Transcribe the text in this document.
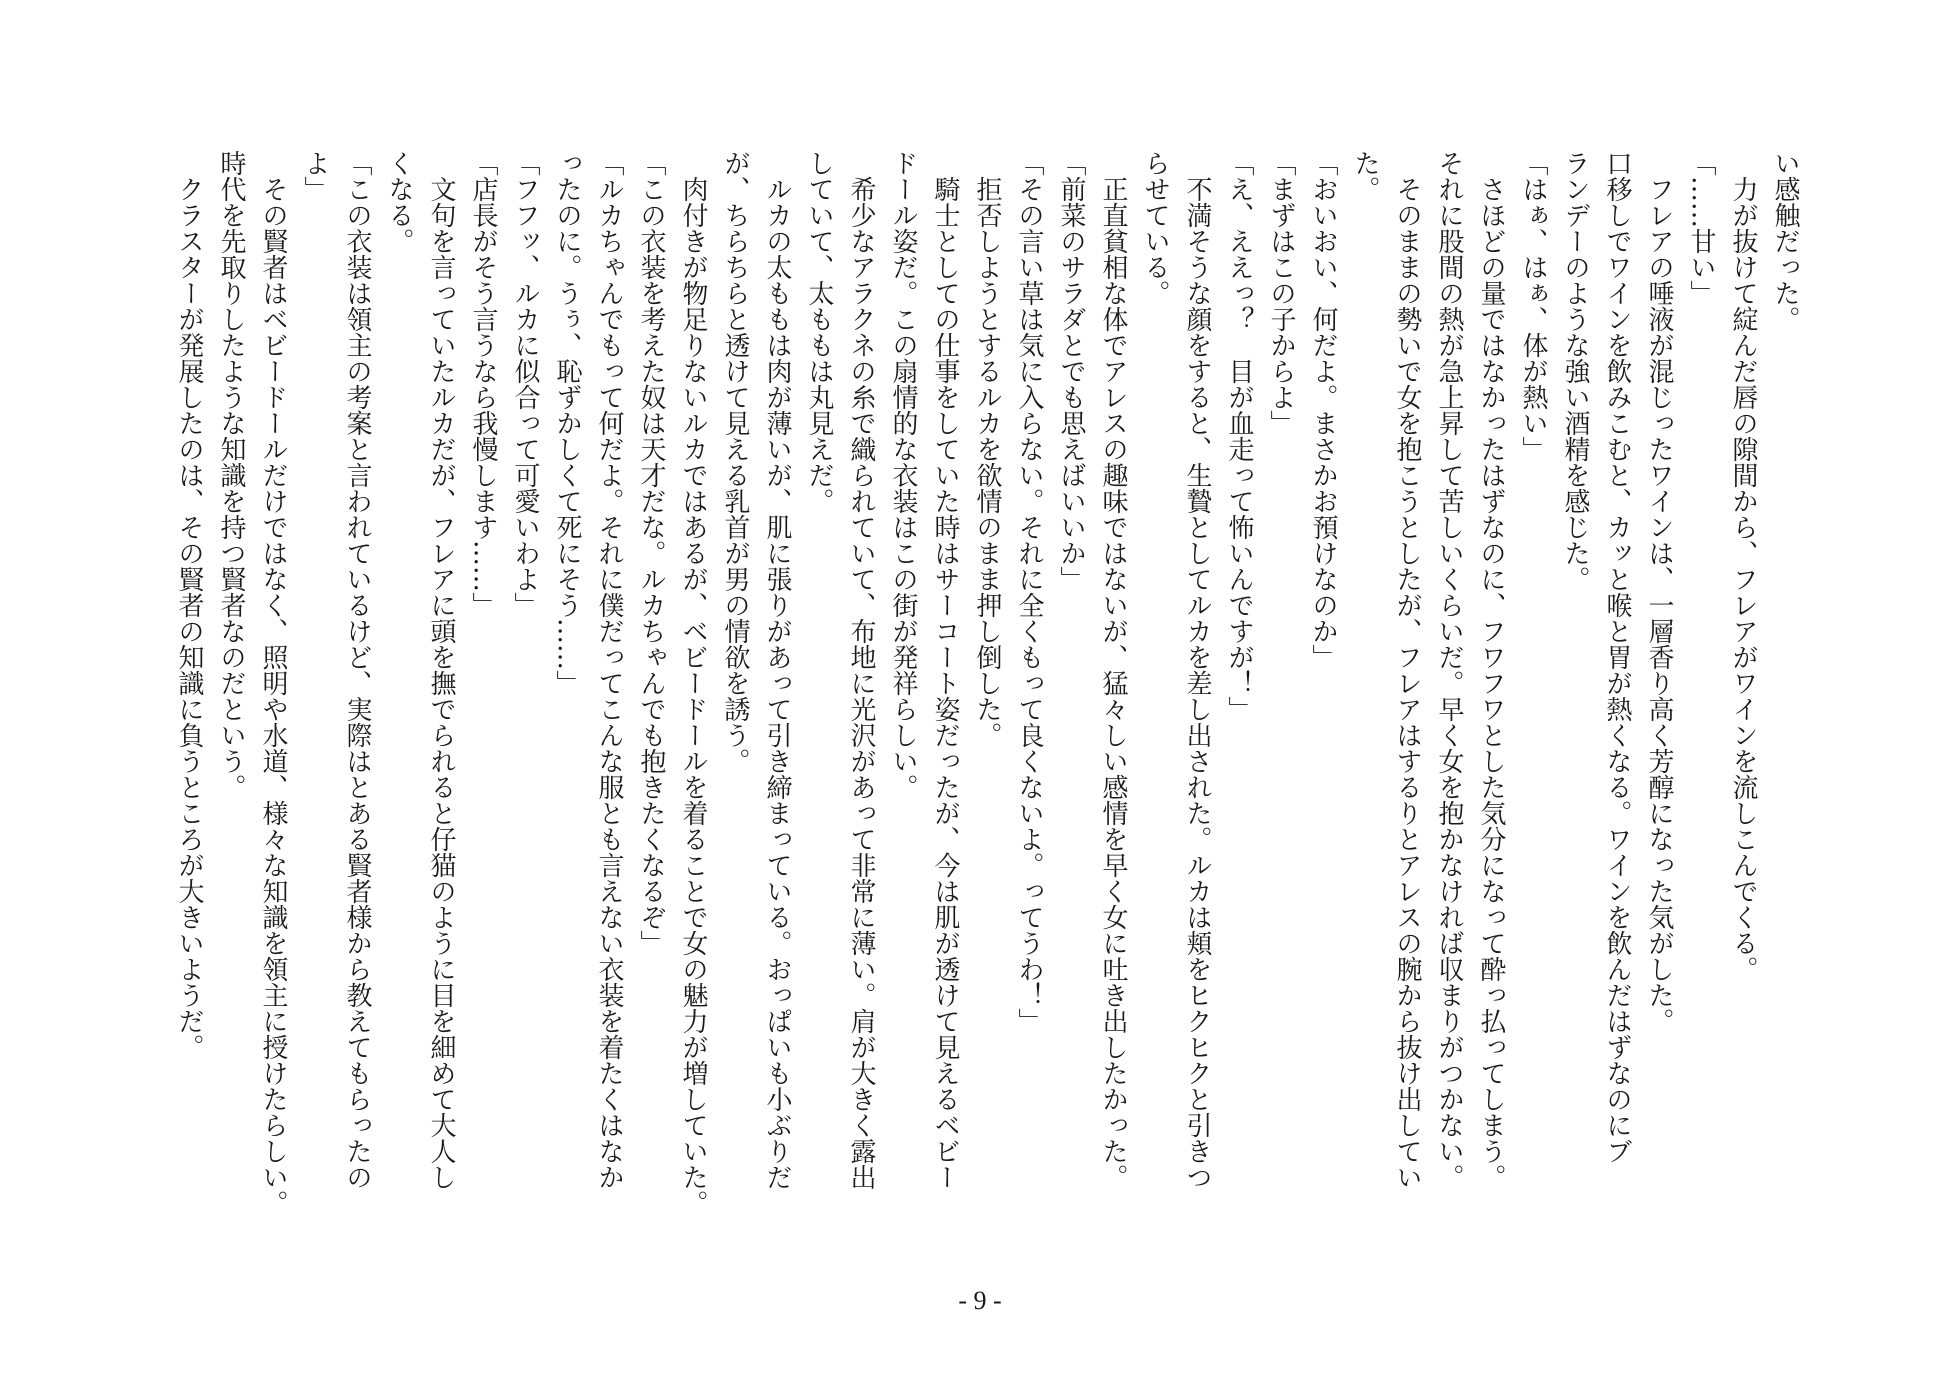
い感触だった。
　力が抜けて綻んだ唇の隙間から、フレアがワインを流しこんでくる。
「……甘い」
　フレアの唾液が混じったワインは、一層香り高く芳醇になった気がした。
口移しでワインを飲みこむと、カッと喉と胃が熱くなる。ワインを飲んだはずなのにブ
ランデーのような強い酒精を感じた。
「はぁ、はぁ、体が熱い」
　さほどの量ではなかったはずなのに、フワフワとした気分になって酔っ払ってしまう。
それに股間の熱が急上昇して苦しいくらいだ。早く女を抱かなければ収まりがつかない。
　そのままの勢いで女を抱こうとしたが、フレアはするりとアレスの腕から抜け出してい
た。
「おいおい、何だよ。まさかお預けなのか」
「まずはこの子からよ」
「え、ええっ？　目が血走って怖いんですが！」
　不満そうな顔をすると、生贄としてルカを差し出された。ルカは頬をヒクヒクと引きつ
らせている。
　正直貧相な体でアレスの趣味ではないが、猛々しい感情を早く女に吐き出したかった。
「前菜のサラダとでも思えばいいか」
「その言い草は気に入らない。それに全くもって良くないよ。ってうわ！」
　拒否しようとするルカを欲情のまま押し倒した。
　騎士としての仕事をしていた時はサーコート姿だったが、今は肌が透けて見えるベビー
ドール姿だ。この扇情的な衣装はこの街が発祥らしい。
　希少なアラクネの糸で織られていて、布地に光沢があって非常に薄い。肩が大きく露出
していて、太ももは丸見えだ。
　ルカの太ももは肉が薄いが、肌に張りがあって引き締まっている。おっぱいも小ぶりだ
が、ちらちらと透けて見える乳首が男の情欲を誘う。
　肉付きが物足りないルカではあるが、ベビードールを着ることで女の魅力が増していた。
「この衣装を考えた奴は天才だな。ルカちゃんでも抱きたくなるぞ」
「ルカちゃんでもって何だよ。それに僕だってこんな服とも言えない衣装を着たくはなか
ったのに。うぅ、恥ずかしくて死にそう……」
「フフッ、ルカに似合って可愛いわよ」
「店長がそう言うなら我慢します……」
　文句を言っていたルカだが、フレアに頭を撫でられると仔猫のように目を細めて大人し
くなる。
「この衣装は領主の考案と言われているけど、実際はとある賢者様から教えてもらったの
よ」
　その賢者はベビードールだけではなく、照明や水道、様々な知識を領主に授けたらしい。
時代を先取りしたような知識を持つ賢者なのだという。
　クラスターが発展したのは、その賢者の知識に負うところが大きいようだ。
- 9 -
